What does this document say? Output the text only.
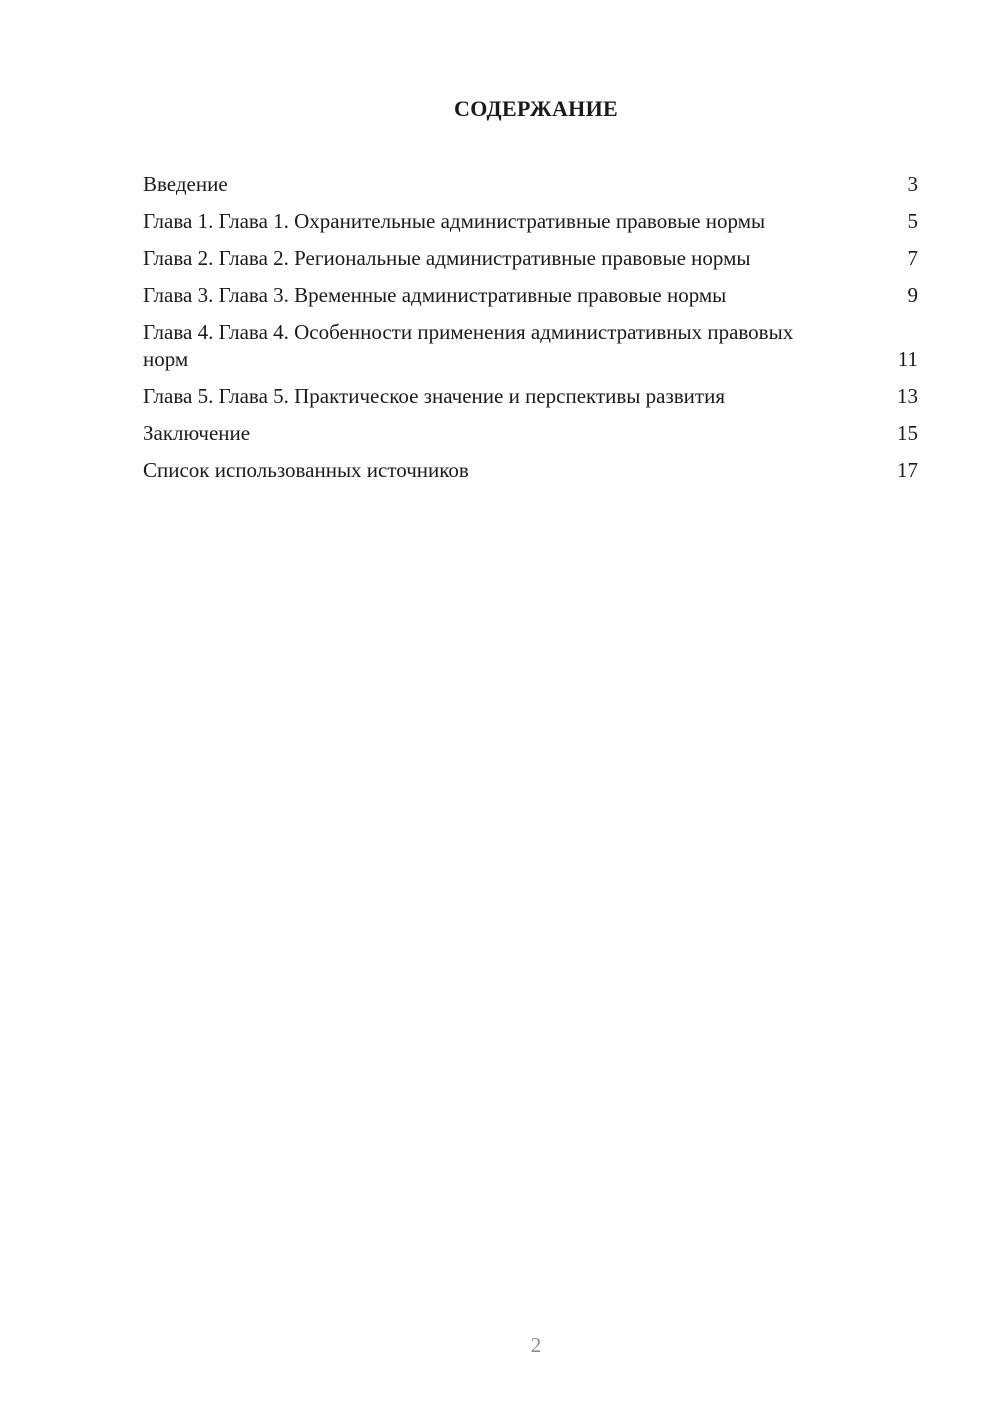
СОДЕРЖАНИЕ
Введение	3
Глава 1. Глава 1. Охранительные административные правовые нормы	5
Глава 2. Глава 2. Региональные административные правовые нормы	7
Глава 3. Глава 3. Временные административные правовые нормы	9
Глава 4. Глава 4. Особенности применения административных правовых норм	11
Глава 5. Глава 5. Практическое значение и перспективы развития	13
Заключение	15
Список использованных источников	17
2
